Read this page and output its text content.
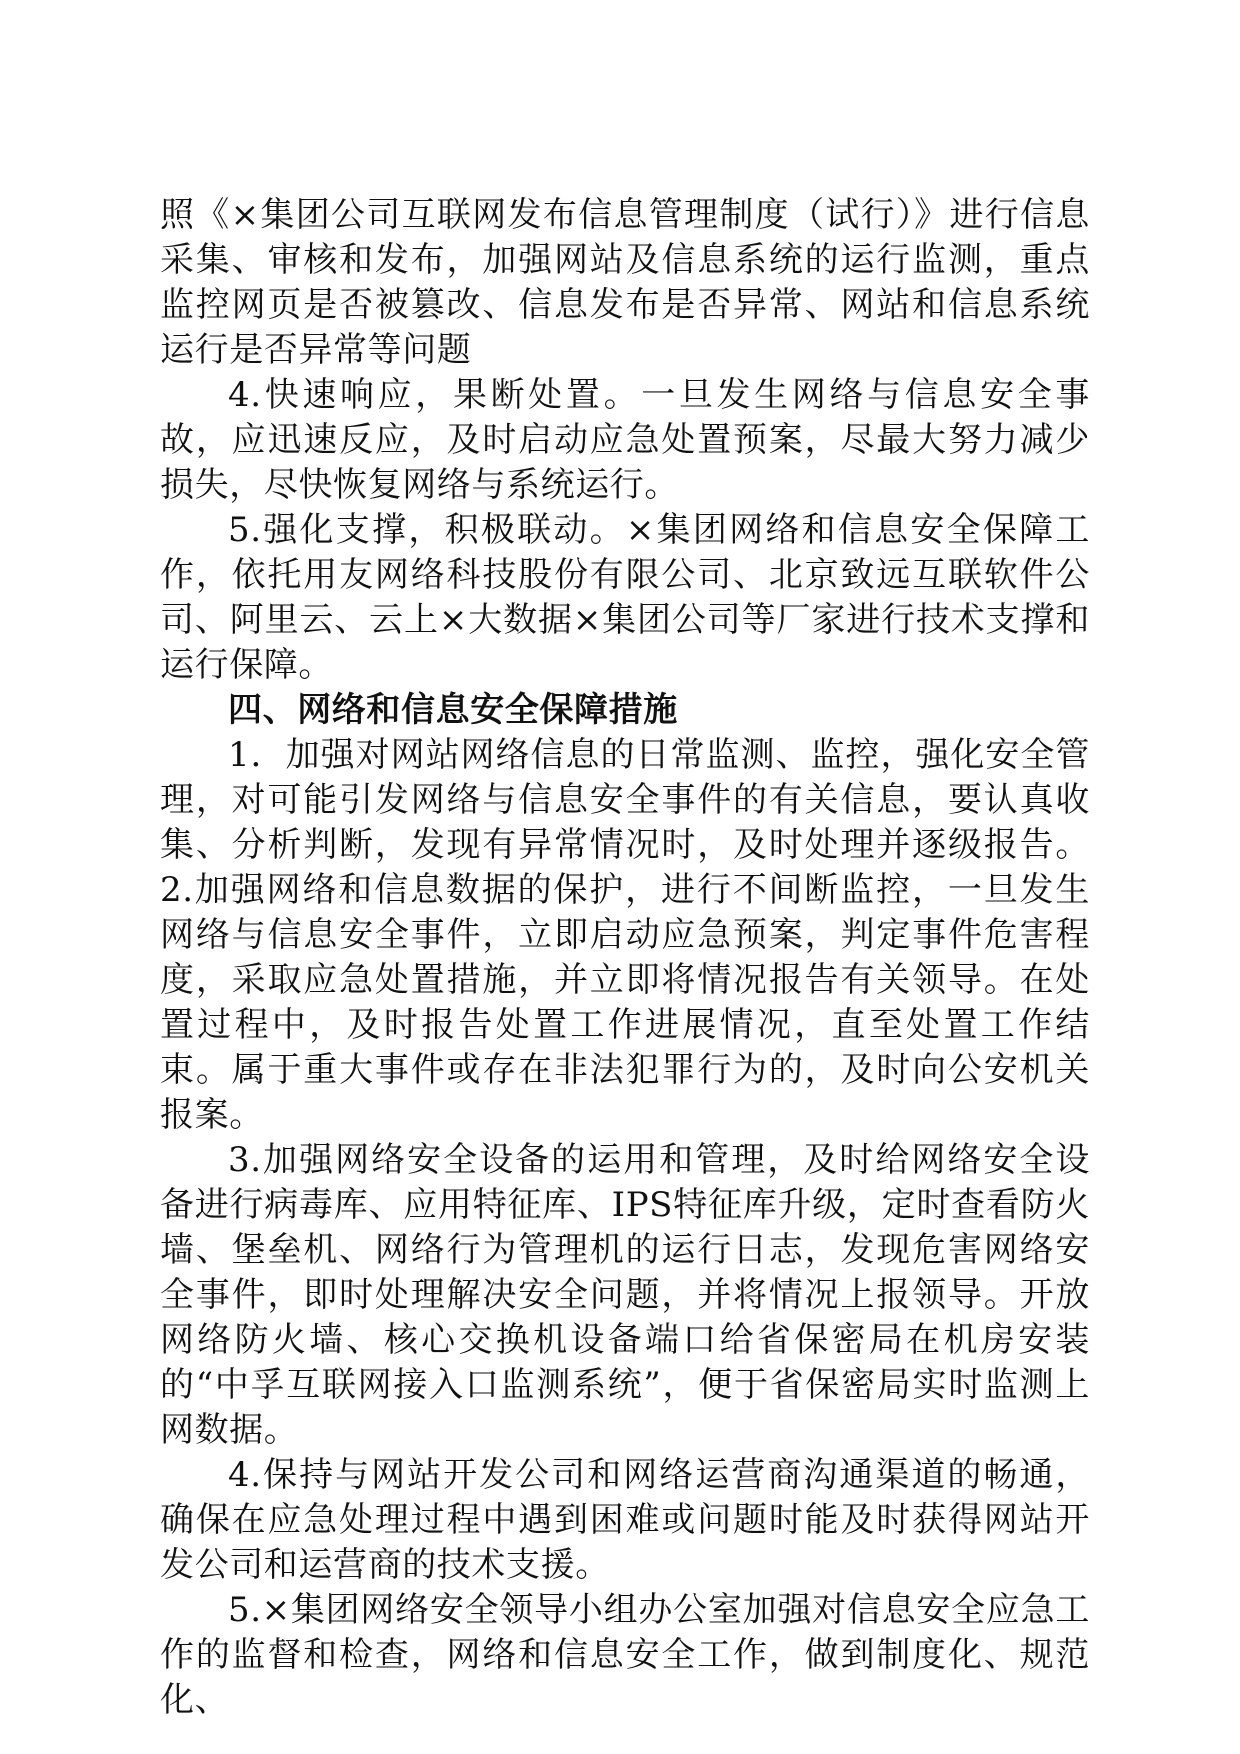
照《×集团公司互联网发布信息管理制度（试行）》进行信息采集、审核和发布，加强网站及信息系统的运行监测，重点监控网页是否被篡改、信息发布是否异常、网站和信息系统运行是否异常等问题

4.快速响应，果断处置。一旦发生网络与信息安全事故，应迅速反应，及时启动应急处置预案，尽最大努力减少损失，尽快恢复网络与系统运行。

5.强化支撑，积极联动。×集团网络和信息安全保障工作，依托用友网络科技股份有限公司、北京致远互联软件公司、阿里云、云上×大数据×集团公司等厂家进行技术支撑和运行保障。

四、网络和信息安全保障措施

1．加强对网站网络信息的日常监测、监控，强化安全管理，对可能引发网络与信息安全事件的有关信息，要认真收集、分析判断，发现有异常情况时，及时处理并逐级报告。2.加强网络和信息数据的保护，进行不间断监控，一旦发生网络与信息安全事件，立即启动应急预案，判定事件危害程度，采取应急处置措施，并立即将情况报告有关领导。在处置过程中，及时报告处置工作进展情况，直至处置工作结束。属于重大事件或存在非法犯罪行为的，及时向公安机关报案。

3.加强网络安全设备的运用和管理，及时给网络安全设备进行病毒库、应用特征库、IPS特征库升级，定时查看防火墙、堡垒机、网络行为管理机的运行日志，发现危害网络安全事件，即时处理解决安全问题，并将情况上报领导。开放网络防火墙、核心交换机设备端口给省保密局在机房安装的“中孚互联网接入口监测系统”，便于省保密局实时监测上网数据。

4.保持与网站开发公司和网络运营商沟通渠道的畅通，确保在应急处理过程中遇到困难或问题时能及时获得网站开发公司和运营商的技术支援。

5.×集团网络安全领导小组办公室加强对信息安全应急工作的监督和检查，网络和信息安全工作，做到制度化、规范化、
